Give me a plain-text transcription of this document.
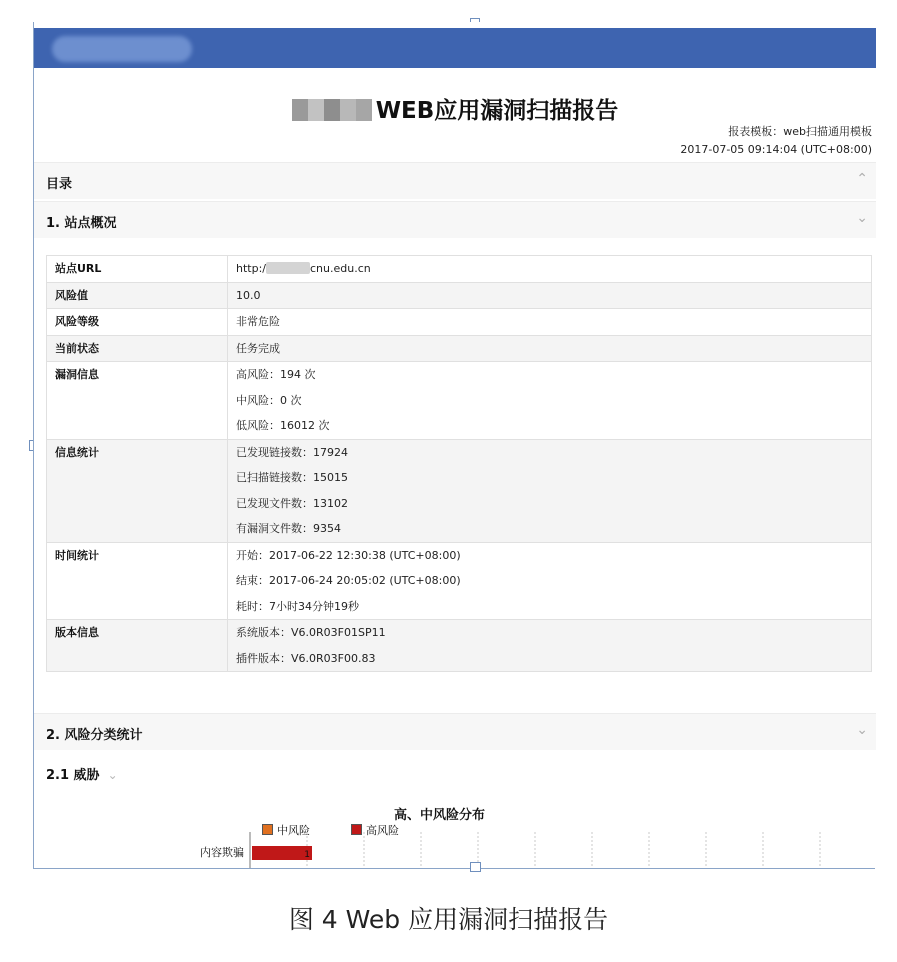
WEB应用漏洞扫描报告
报表模板：web扫描通用模板
2017-07-05 09:14:04 (UTC+08:00)
目录	⌃
1. 站点概况	⌄
站点URL	http:/ cnu.edu.cn

风险值	10.0

风险等级	非常危险

当前状态	任务完成

漏洞信息	高风险：194 次
中风险：0 次
低风险：16012 次

信息统计	已发现链接数：17924
已扫描链接数：15015
已发现文件数：13102
有漏洞文件数：9354

时间统计	开始：2017-06-22 12:30:38 (UTC+08:00)
结束：2017-06-24 20:05:02 (UTC+08:00)
耗时：7小时34分钟19秒

版本信息	系统版本：V6.0R03F01SP11
插件版本：V6.0R03F00.83
2. 风险分类统计	⌄
2.1 威胁 ⌄
高、中风险分布
中风险	高风险
内容欺骗	1
图 4 Web 应用漏洞扫描报告
